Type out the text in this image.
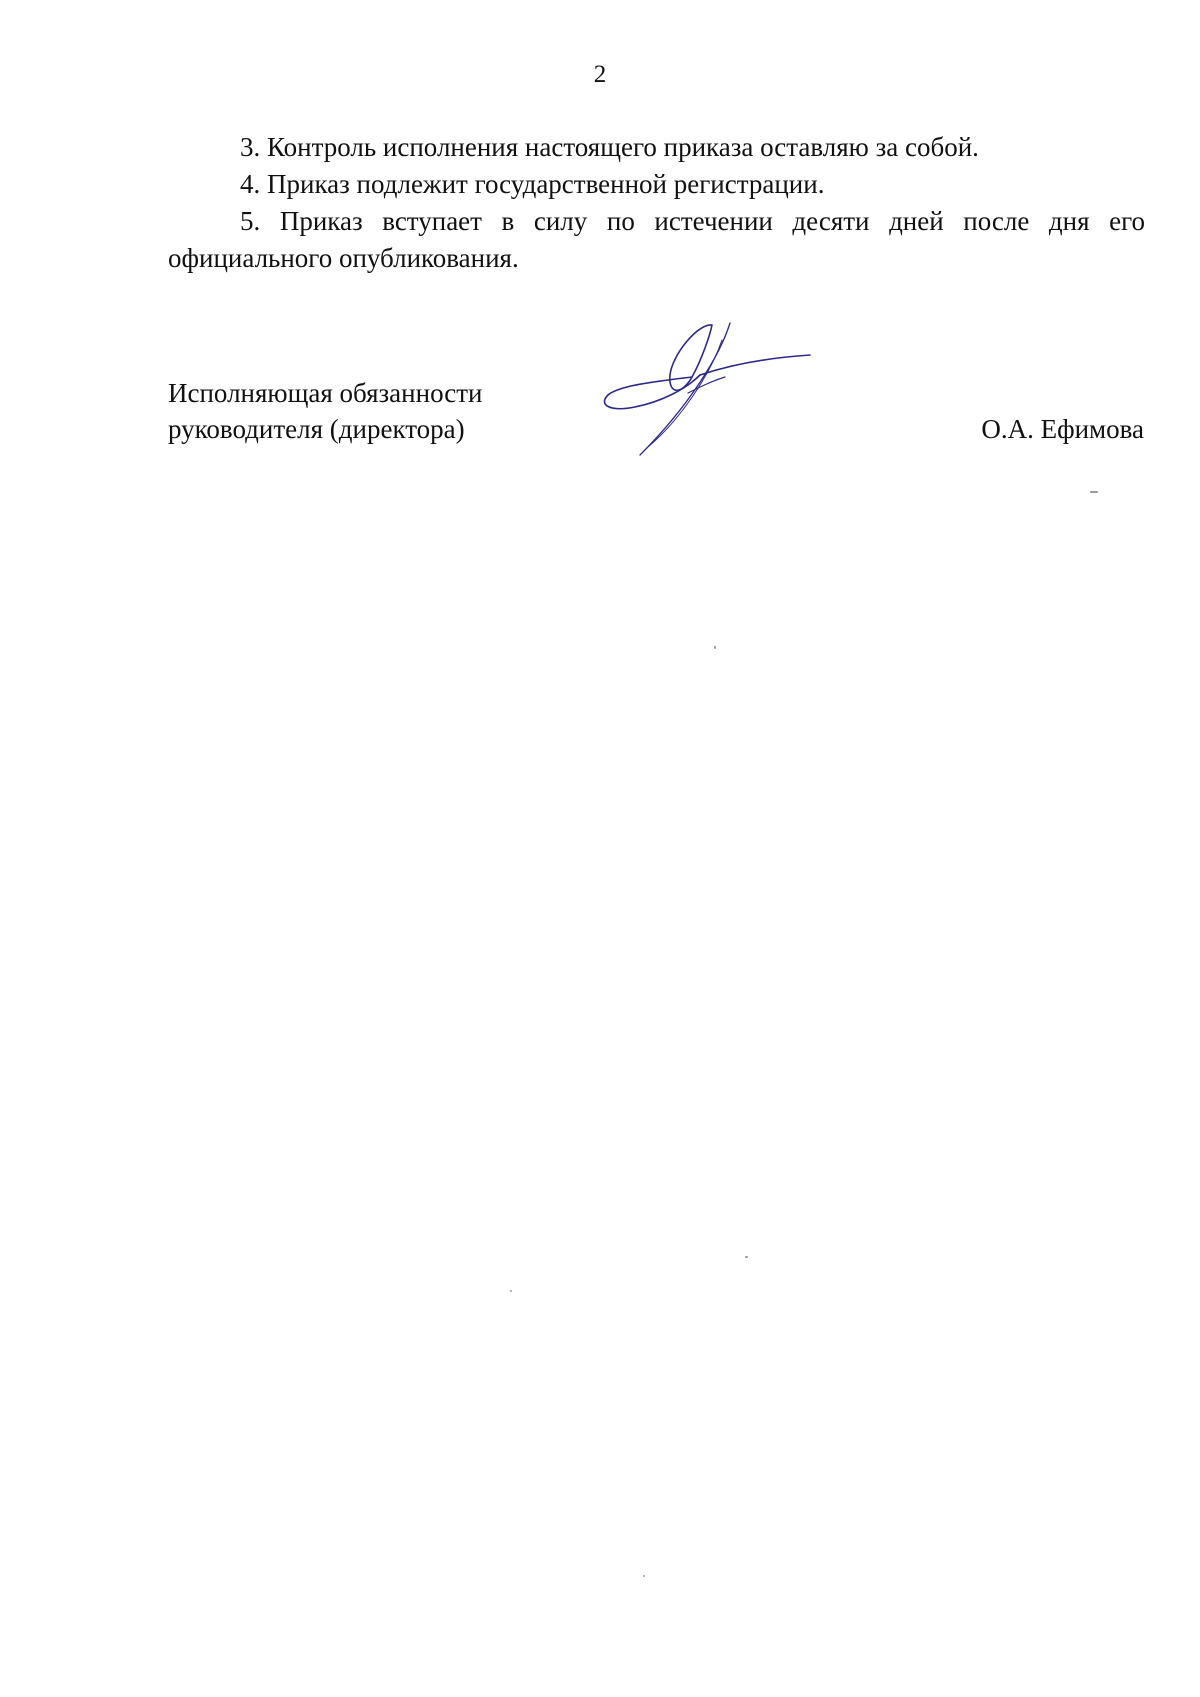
2

3. Контроль исполнения настоящего приказа оставляю за собой.

4. Приказ подлежит государственной регистрации.

5. Приказ вступает в силу по истечении десяти дней после дня его официального опубликования.

Исполняющая обязанности
руководителя (директора)	О.А. Ефимова
